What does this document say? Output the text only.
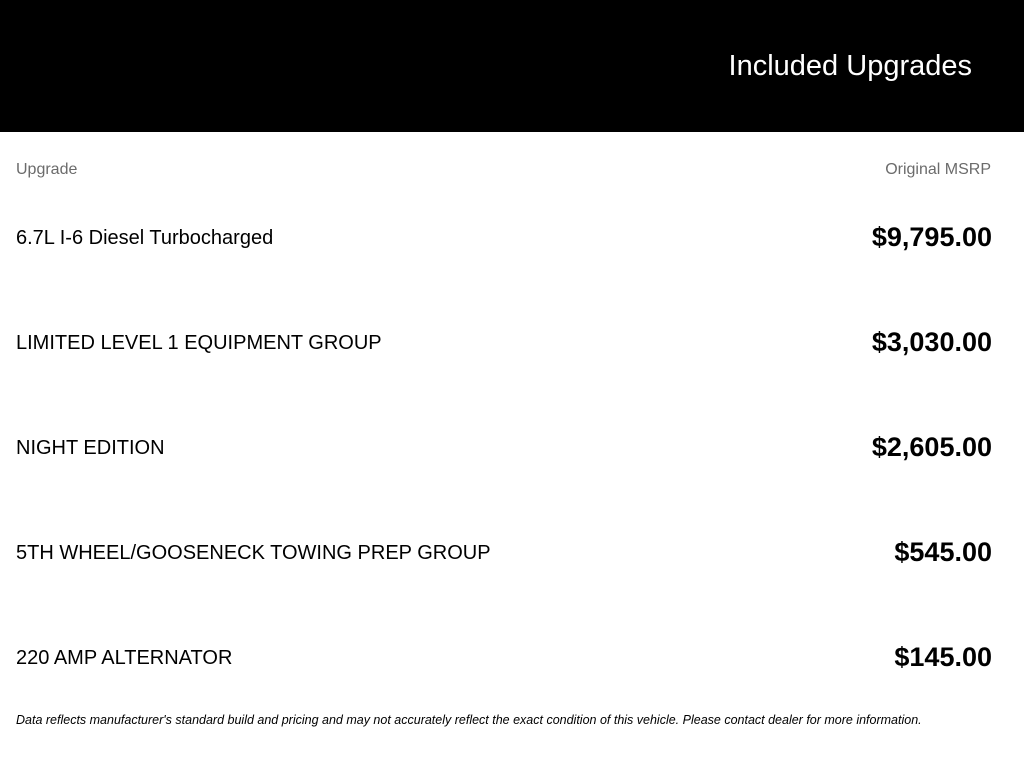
Included Upgrades
Upgrade	Original MSRP
6.7L I-6 Diesel Turbocharged	$9,795.00
LIMITED LEVEL 1 EQUIPMENT GROUP	$3,030.00
NIGHT EDITION	$2,605.00
5TH WHEEL/GOOSENECK TOWING PREP GROUP	$545.00
220 AMP ALTERNATOR	$145.00
Data reflects manufacturer's standard build and pricing and may not accurately reflect the exact condition of this vehicle. Please contact dealer for more information.
